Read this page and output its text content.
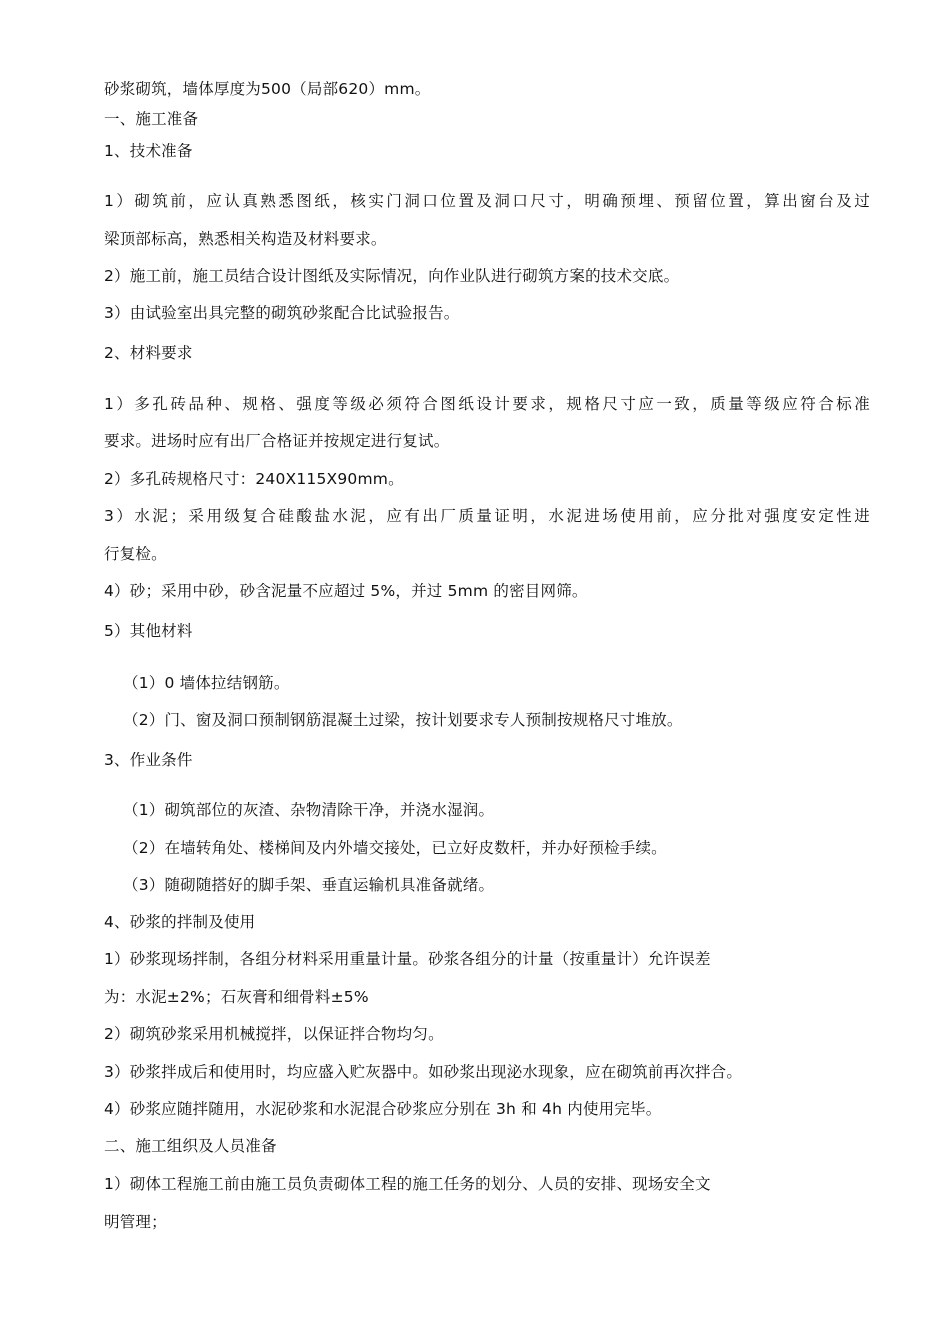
砂浆砌筑，墙体厚度为500（局部620）mm。
一、施工准备
1、技术准备
1）砌筑前，应认真熟悉图纸，核实门洞口位置及洞口尺寸，明确预埋、预留位置，算出窗台及过
梁顶部标高，熟悉相关构造及材料要求。
2）施工前，施工员结合设计图纸及实际情况，向作业队进行砌筑方案的技术交底。
3）由试验室出具完整的砌筑砂浆配合比试验报告。
2、材料要求
1）多孔砖品种、规格、强度等级必须符合图纸设计要求，规格尺寸应一致，质量等级应符合标准
要求。进场时应有出厂合格证并按规定进行复试。
2）多孔砖规格尺寸：240X115X90mm。
3）水泥；采用级复合硅酸盐水泥，应有出厂质量证明，水泥进场使用前，应分批对强度安定性进
行复检。
4）砂；采用中砂，砂含泥量不应超过 5%，并过 5mm 的密目网筛。
5）其他材料
（1）0 墙体拉结钢筋。
（2）门、窗及洞口预制钢筋混凝土过梁，按计划要求专人预制按规格尺寸堆放。
3、作业条件
（1）砌筑部位的灰渣、杂物清除干净，并浇水湿润。
（2）在墙转角处、楼梯间及内外墙交接处，已立好皮数杆，并办好预检手续。
（3）随砌随搭好的脚手架、垂直运输机具准备就绪。
4、砂浆的拌制及使用
1）砂浆现场拌制，各组分材料采用重量计量。砂浆各组分的计量（按重量计）允许误差
为：水泥±2%；石灰膏和细骨料±5%
2）砌筑砂浆采用机械搅拌，以保证拌合物均匀。
3）砂浆拌成后和使用时，均应盛入贮灰器中。如砂浆出现泌水现象，应在砌筑前再次拌合。
4）砂浆应随拌随用，水泥砂浆和水泥混合砂浆应分别在 3h 和 4h 内使用完毕。
二、施工组织及人员准备
1）砌体工程施工前由施工员负责砌体工程的施工任务的划分、人员的安排、现场安全文
明管理；
